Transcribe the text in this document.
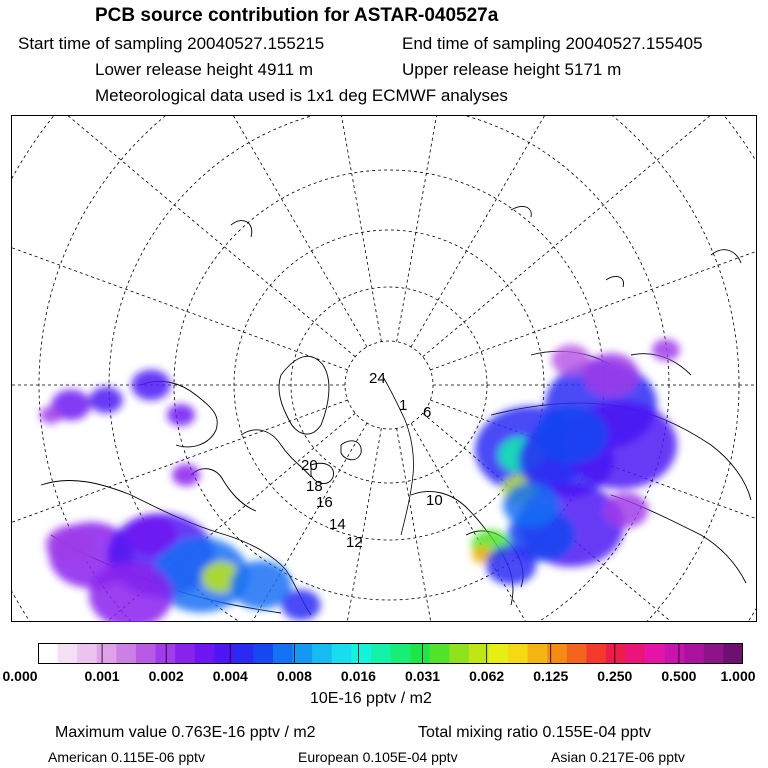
PCB source contribution for ASTAR-040527a
Start time of sampling 20040527.155215	End time of sampling 20040527.155405
Lower release height 4911 m	Upper release height 5171 m
Meteorological data used is 1x1 deg ECMWF analyses
24
1 6
20
18
16
14
12
10
0.000	0.001 0.002 0.004 0.008 0.016 0.031 0.062 0.125 0.250 0.500 1.000
10E-16 pptv / m2
Maximum value 0.763E-16 pptv / m2	Total mixing ratio 0.155E-04 pptv
American 0.115E-06 pptv	European 0.105E-04 pptv	Asian 0.217E-06 pptv
